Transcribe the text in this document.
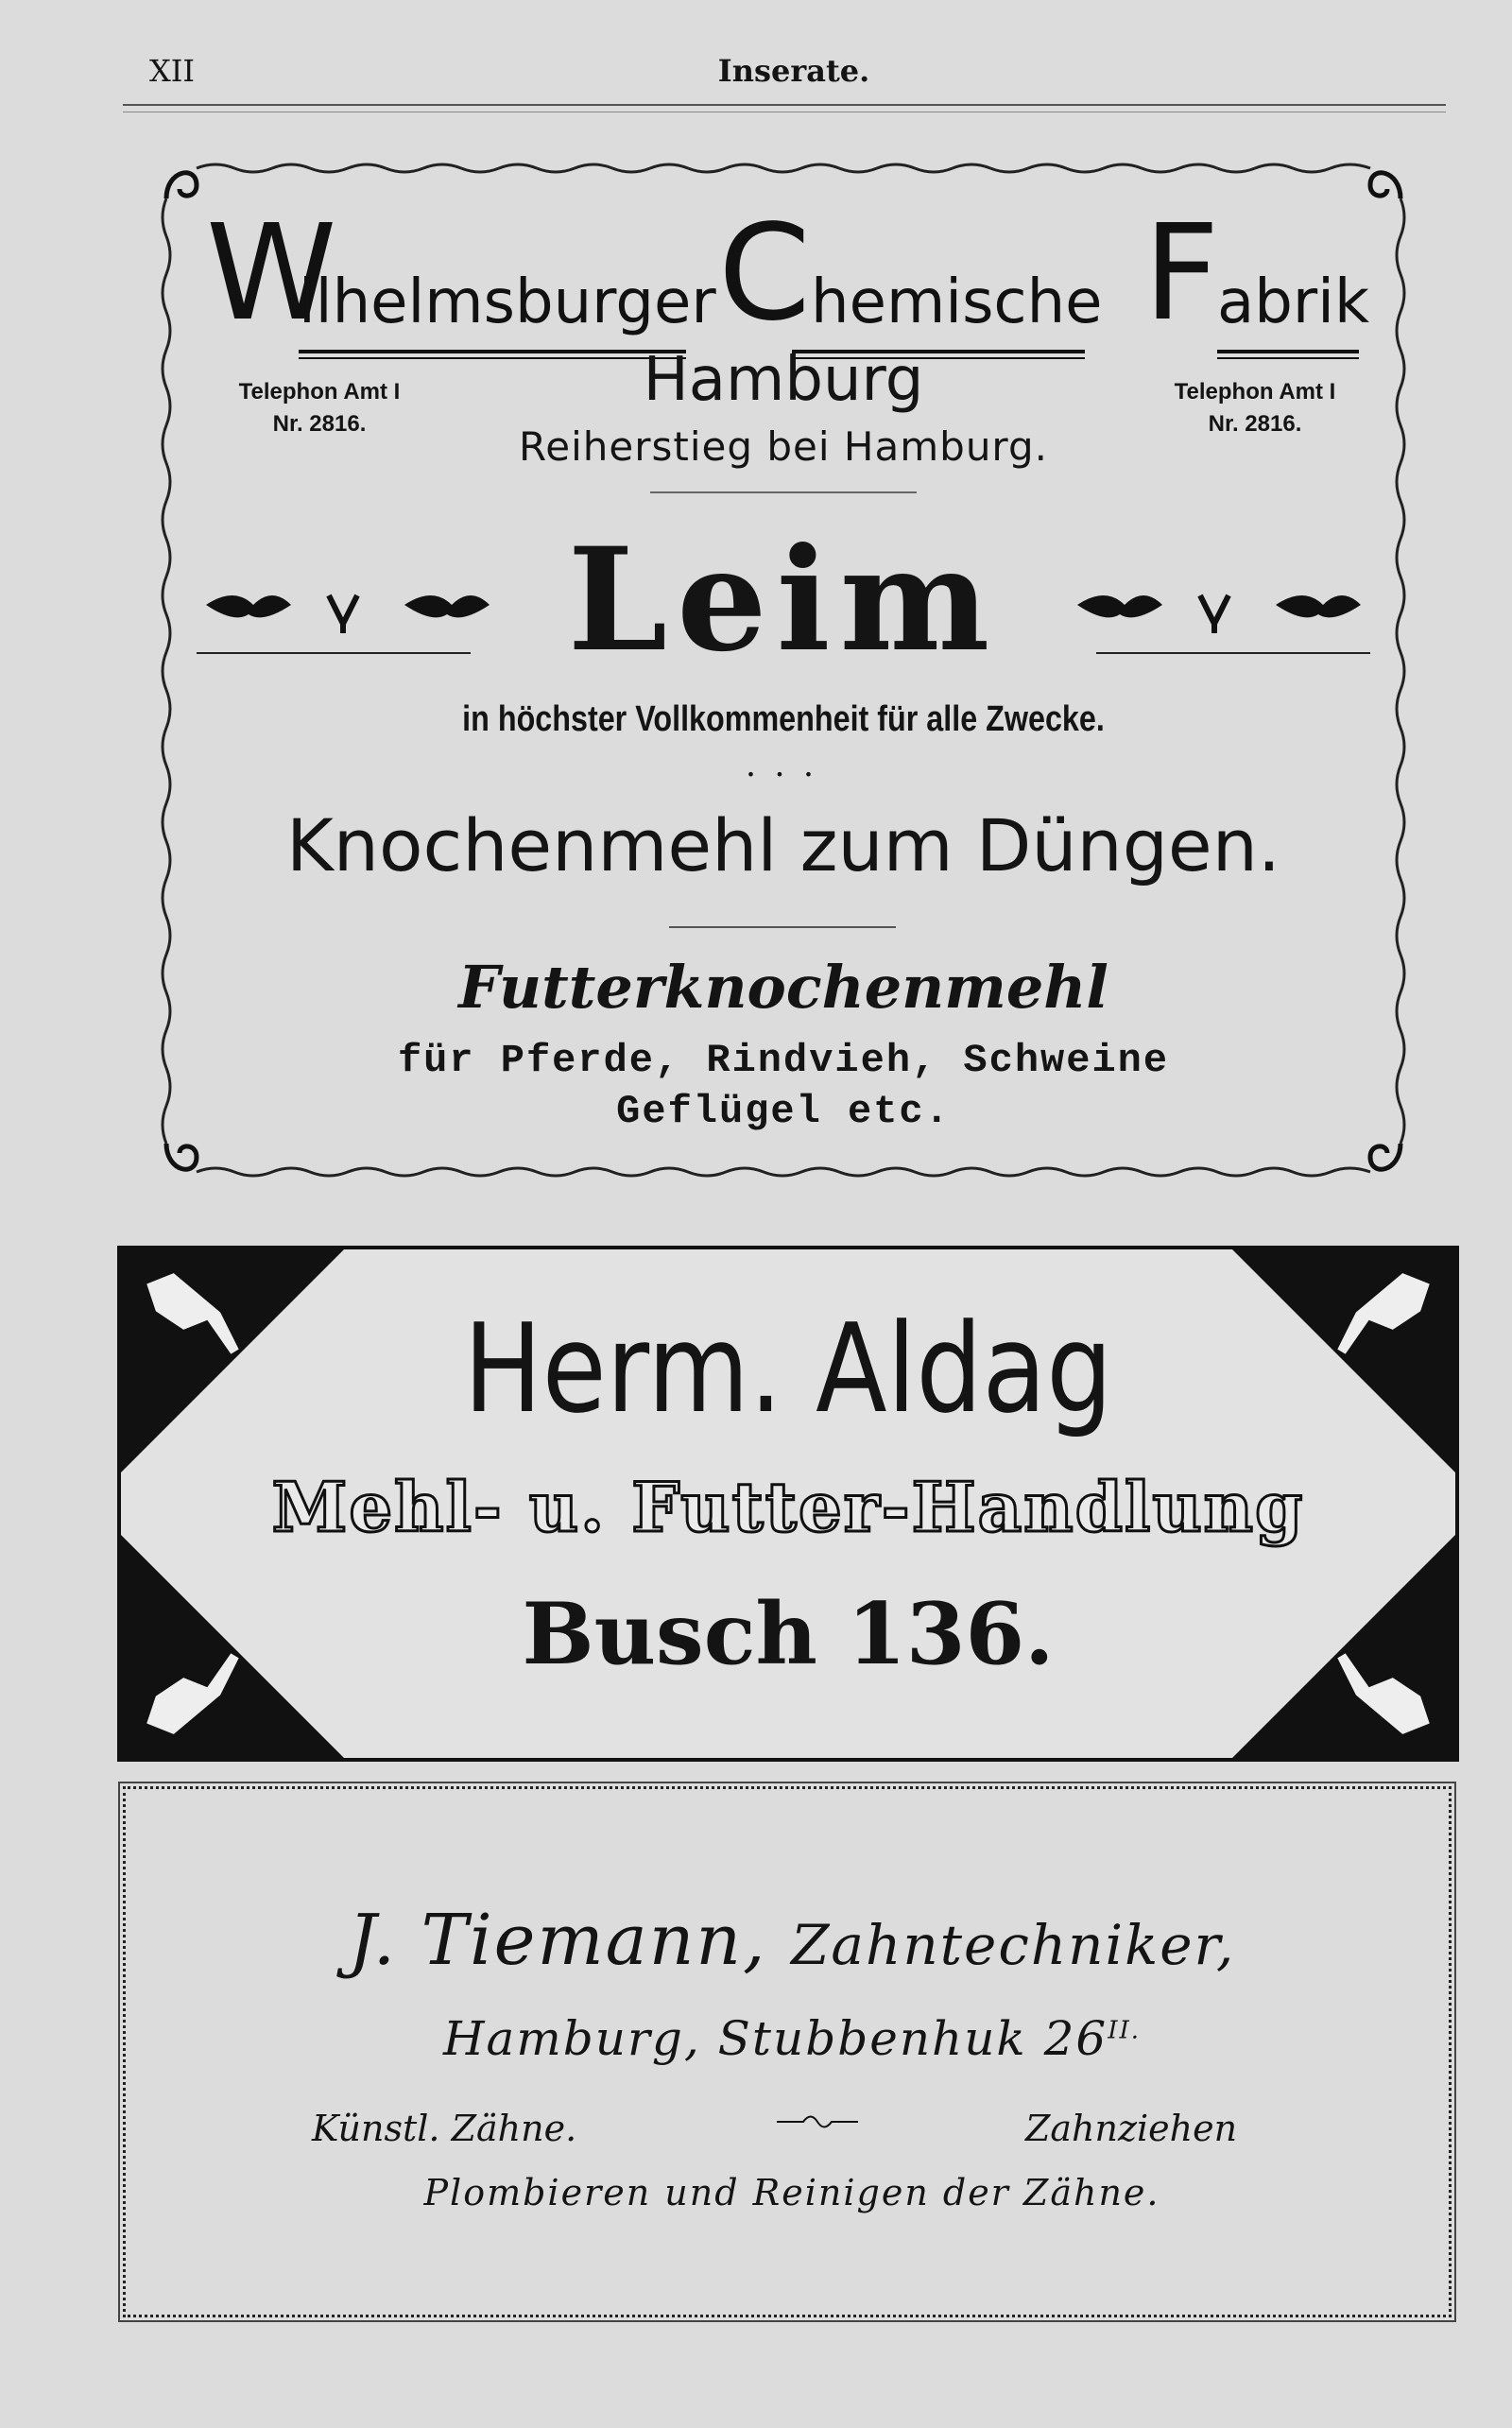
XII	Inserate.
W
ilhelmsburger C hemische F
abrik
Telephon Amt I
Nr. 2816.
Telephon Amt I
Nr. 2816.
Hamburg
Reiherstieg bei Hamburg.
Leim
in höchster Vollkommenheit für alle Zwecke.
• • •
Knochenmehl zum Düngen.
Futterknochenmehl
für Pferde, Rindvieh, Schweine
Geflügel etc.
Herm. Aldag
Mehl- u. Futter-Handlung
Busch 136.
J. Tiemann, Zahntechniker,
Hamburg, Stubbenhuk $26^{II.}$
Künstl. Zähne.	Zahnziehen
Plombieren und Reinigen der Zähne.
